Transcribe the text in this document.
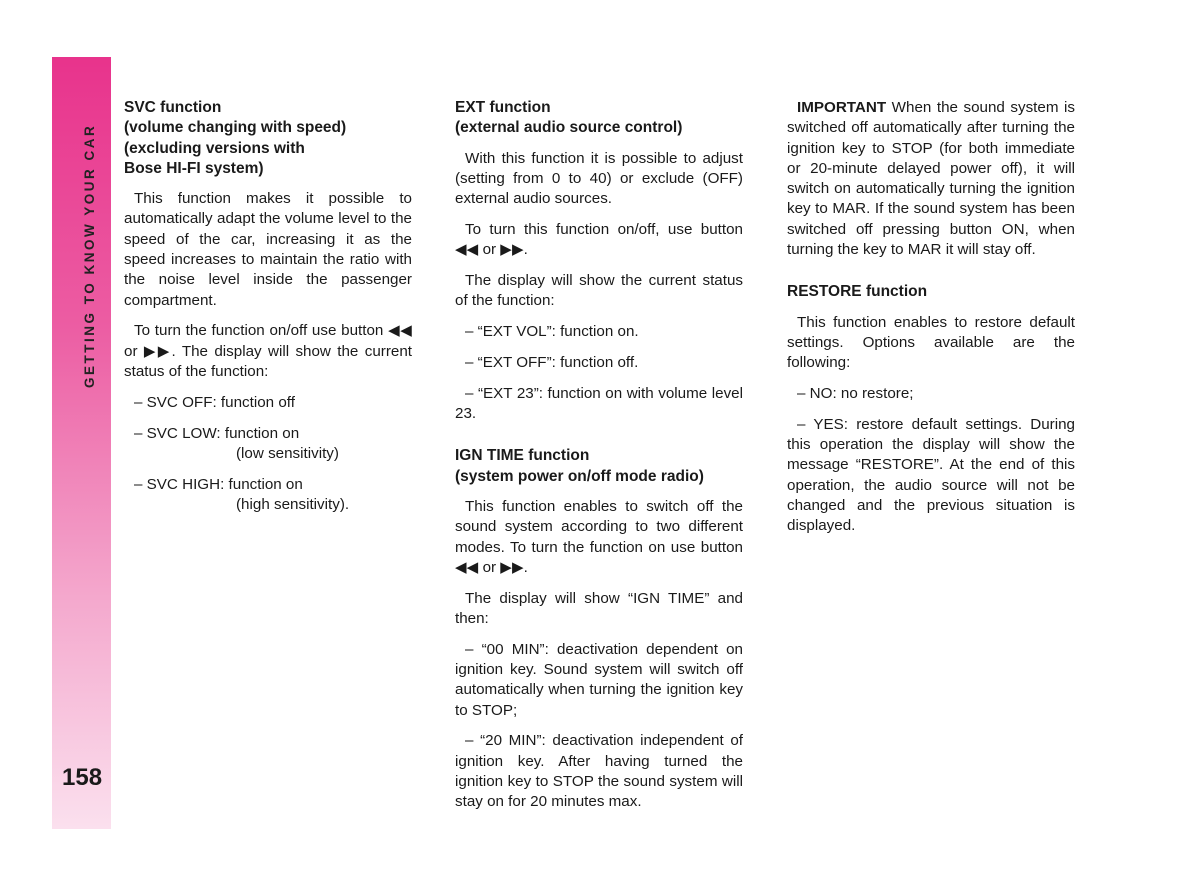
GETTING TO KNOW YOUR CAR
158
SVC function
(volume changing with speed)
(excluding versions with
Bose HI-FI system)

This function makes it possible to automatically adapt the volume level to the speed of the car, increasing it as the speed increases to maintain the ratio with the noise level inside the passenger compartment.

To turn the function on/off use button ◀◀ or ▶▶. The display will show the current status of the function:

– SVC OFF: function off
– SVC LOW: function on
(low sensitivity)
– SVC HIGH: function on
(high sensitivity).
EXT function
(external audio source control)

With this function it is possible to adjust (setting from 0 to 40) or exclude (OFF) external audio sources.

To turn this function on/off, use button ◀◀ or ▶▶.

The display will show the current status of the function:

– “EXT VOL”: function on.

– “EXT OFF”: function off.

– “EXT 23”: function on with volume level 23.

IGN TIME function
(system power on/off mode radio)

This function enables to switch off the sound system according to two different modes. To turn the function on use button ◀◀ or ▶▶.

The display will show “IGN TIME” and then:

– “00 MIN”: deactivation dependent on ignition key. Sound system will switch off automatically when turning the ignition key to STOP;

– “20 MIN”: deactivation independent of ignition key. After having turned the ignition key to STOP the sound system will stay on for 20 minutes max.

IMPORTANT When the sound system is switched off automatically after turning the ignition key to STOP (for both immediate or 20-minute delayed power off), it will switch on automatically turning the ignition key to MAR. If the sound system has been switched off pressing button ON, when turning the key to MAR it will stay off.

RESTORE function

This function enables to restore default settings. Options available are the following:

– NO: no restore;

– YES: restore default settings. During this operation the display will show the message “RESTORE”. At the end of this operation, the audio source will not be changed and the previous situation is displayed.
